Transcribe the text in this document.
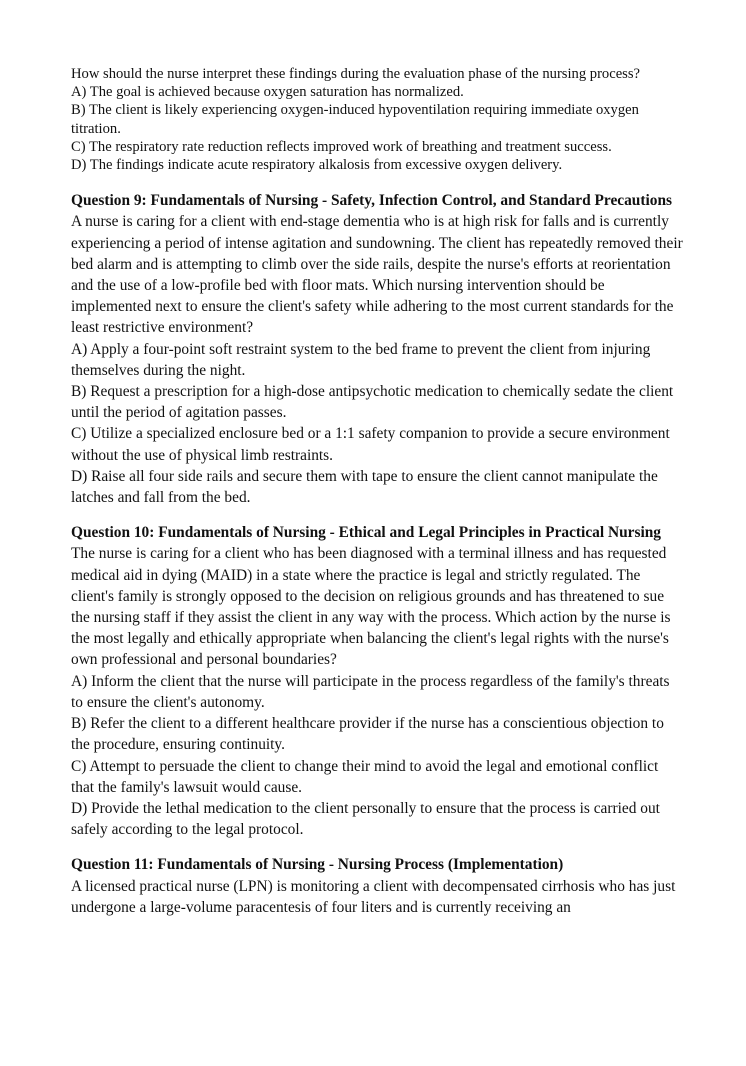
How should the nurse interpret these findings during the evaluation phase of the nursing process?

A) The goal is achieved because oxygen saturation has normalized.

B) The client is likely experiencing oxygen-induced hypoventilation requiring immediate oxygen titration.

C) The respiratory rate reduction reflects improved work of breathing and treatment success.

D) The findings indicate acute respiratory alkalosis from excessive oxygen delivery.

Question 9: Fundamentals of Nursing - Safety, Infection Control, and Standard Precautions

A nurse is caring for a client with end-stage dementia who is at high risk for falls and is currently experiencing a period of intense agitation and sundowning. The client has repeatedly removed their bed alarm and is attempting to climb over the side rails, despite the nurse's efforts at reorientation and the use of a low-profile bed with floor mats. Which nursing intervention should be implemented next to ensure the client's safety while adhering to the most current standards for the least restrictive environment?

A) Apply a four-point soft restraint system to the bed frame to prevent the client from injuring themselves during the night.

B) Request a prescription for a high-dose antipsychotic medication to chemically sedate the client until the period of agitation passes.

C) Utilize a specialized enclosure bed or a 1:1 safety companion to provide a secure environment without the use of physical limb restraints.

D) Raise all four side rails and secure them with tape to ensure the client cannot manipulate the latches and fall from the bed.

Question 10: Fundamentals of Nursing - Ethical and Legal Principles in Practical Nursing

The nurse is caring for a client who has been diagnosed with a terminal illness and has requested medical aid in dying (MAID) in a state where the practice is legal and strictly regulated. The client's family is strongly opposed to the decision on religious grounds and has threatened to sue the nursing staff if they assist the client in any way with the process. Which action by the nurse is the most legally and ethically appropriate when balancing the client's legal rights with the nurse's own professional and personal boundaries?

A) Inform the client that the nurse will participate in the process regardless of the family's threats to ensure the client's autonomy.

B) Refer the client to a different healthcare provider if the nurse has a conscientious objection to the procedure, ensuring continuity.

C) Attempt to persuade the client to change their mind to avoid the legal and emotional conflict that the family's lawsuit would cause.

D) Provide the lethal medication to the client personally to ensure that the process is carried out safely according to the legal protocol.

Question 11: Fundamentals of Nursing - Nursing Process (Implementation)

A licensed practical nurse (LPN) is monitoring a client with decompensated cirrhosis who has just undergone a large-volume paracentesis of four liters and is currently receiving an
